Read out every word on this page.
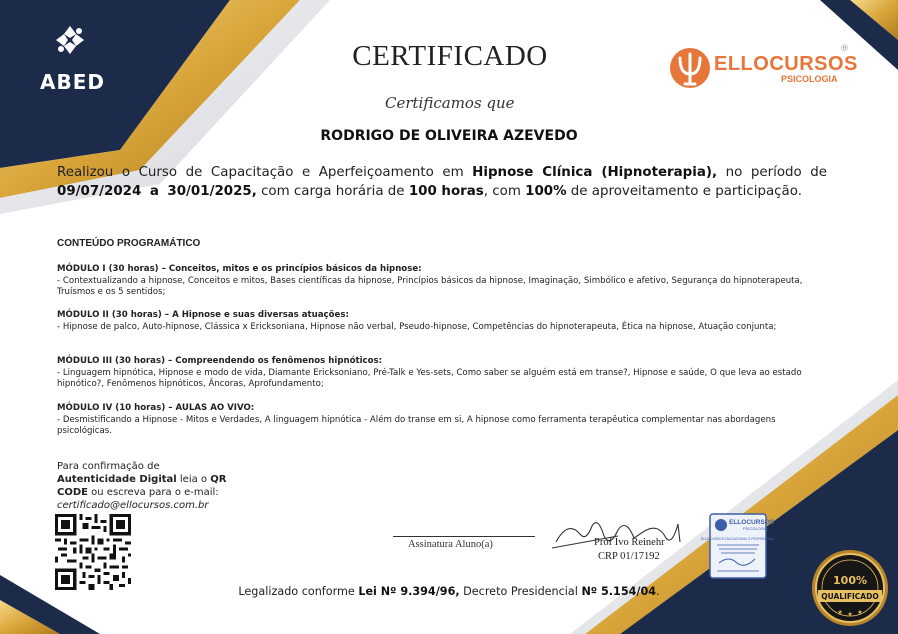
ABED
CERTIFICADO	ELLOCURSOS
PSICOLOGIA
®
Certificamos que
RODRIGO DE OLIVEIRA AZEVEDO
Realizou o Curso de Capacitação e Aperfeiçoamento em Hipnose Clínica (Hipnoterapia), no período de 09/07/2024 a 30/01/2025, com carga horária de 100 horas, com 100% de aproveitamento e participação.
CONTEÚDO PROGRAMÁTICO
MÓDULO I (30 horas) – Conceitos, mitos e os princípios básicos da hipnose:
- Contextualizando a hipnose, Conceitos e mitos, Bases científicas da hipnose, Princípios básicos da hipnose, Imaginação, Simbólico e afetivo, Segurança do hipnoterapeuta, Truísmos e os 5 sentidos;
MÓDULO II (30 horas) – A Hipnose e suas diversas atuações:
- Hipnose de palco, Auto-hipnose, Clássica x Ericksoniana, Hipnose não verbal, Pseudo-hipnose, Competências do hipnoterapeuta, Ética na hipnose, Atuação conjunta;
MÓDULO III (30 horas) – Compreendendo os fenômenos hipnóticos:
- Linguagem hipnótica, Hipnose e modo de vida, Diamante Ericksoniano, Pré-Talk e Yes-sets, Como saber se alguém está em transe?, Hipnose e saúde, O que leva ao estado hipnótico?, Fenômenos hipnóticos, Âncoras, Aprofundamento;
MÓDULO IV (10 horas) – AULAS AO VIVO:
- Desmistificando a Hipnose - Mitos e Verdades, A linguagem hipnótica - Além do transe em si, A hipnose como ferramenta terapêutica complementar nas abordagens psicológicas.
Para confirmação de
Autenticidade Digital leia o QR
CODE ou escreva para o e-mail:
certificado@ellocursos.com.br
Assinatura Aluno(a)	Prof Ivo Reinehr
CRP 01/17192
ELLOCURSOS
PSICOLOGIA
ELLO CURSOS EDUCACIONAL E PROFISSIONAL
Legalizado conforme Lei Nº 9.394/96, Decreto Presidencial Nº 5.154/04.
100%
QUALIFICADO
★ ★ ★
